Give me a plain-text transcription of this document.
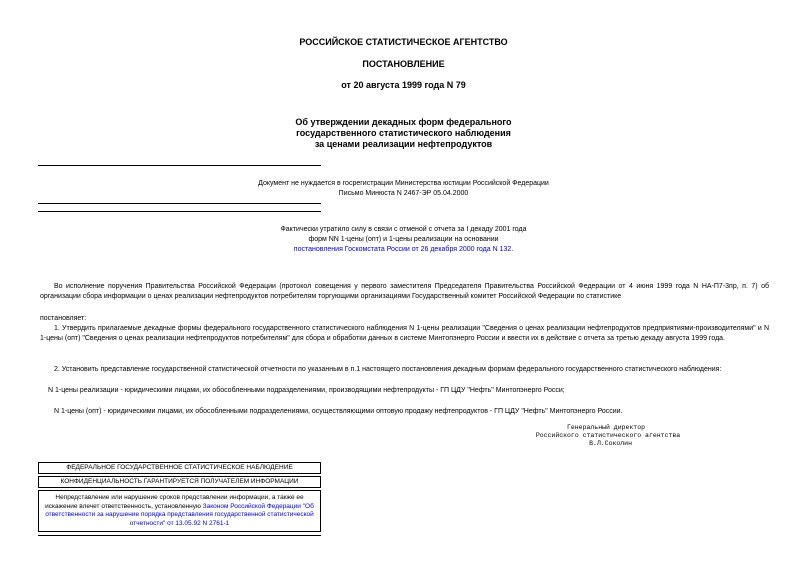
РОССИЙСКОЕ СТАТИСТИЧЕСКОЕ АГЕНТСТВО
ПОСТАНОВЛЕНИЕ
от 20 августа 1999 года N 79
Об утверждении декадных форм федерального
государственного статистического наблюдения
за ценами реализации нефтепродуктов
Документ не нуждается в госрегистрации Министерства юстиции Российской Федерации
Письмо Минюста N 2467-ЭР 05.04.2000
Фактически утратило силу в связи с отменой с отчета за I декаду 2001 года
форм NN 1-цены (опт) и 1-цены реализации на основании
постановления Госкомстата России от 26 декабря 2000 года N 132.
Во исполнение поручения Правительства Российской Федерации (протокол совещения у первого заместителя Председателя Правительства Российской Федерации от 4 июня 1999 года N НА-П7-3пр, п. 7) об организации сбора информации о ценах реализации нефтепродуктов потребителям торгующими организациями Государственный комитет Российской Федерации по статистике
постановляет:
1. Утвердить прилагаемые декадные формы федерального государственного статистического наблюдения N 1-цены реализации "Сведения о ценах реализации нефтепродуктов предприятиями-производителями" и N 1-цены (опт) "Сведения о ценах реализации нефтепродуктов потребителям" для сбора и обработки данных в системе Минтопэнерго России и ввести их в действие с отчета за третью декаду августа 1999 года.
2. Установить представление государственной статистической отчетности по указанным в п.1 настоящего постановления декадным формам федерального государственного статистического наблюдения:
N 1-цены реализации - юридическими лицами, их обособленными подразделениями, производящими нефтепродукты - ГП ЦДУ "Нефть" Минтопэнерго Росси;
N 1-цены (опт) - юридическими лицами, их обособленными подразделениями, осуществляющими оптовую продажу нефтепродуктов - ГП ЦДУ "Нефть" Минтопэнерго России.
Генеральный директор
Российского статистического агентства
В.Л.Соколин
ФЕДЕРАЛЬНОЕ ГОСУДАРСТВЕННОЕ СТАТИСТИЧЕСКОЕ НАБЛЮДЕНИЕ
КОНФИДЕНЦИАЛЬНОСТЬ ГАРАНТИРУЕТСЯ ПОЛУЧАТЕЛЕМ ИНФОРМАЦИИ
Непредставление или нарушение сроков представлении информации, а также ее
искажение влечет ответственность, установленную Законом Российской Федерации "Об ответственности за нарушение порядка представления государственной статистической отчетности" от 13.05.92 N 2761-1
